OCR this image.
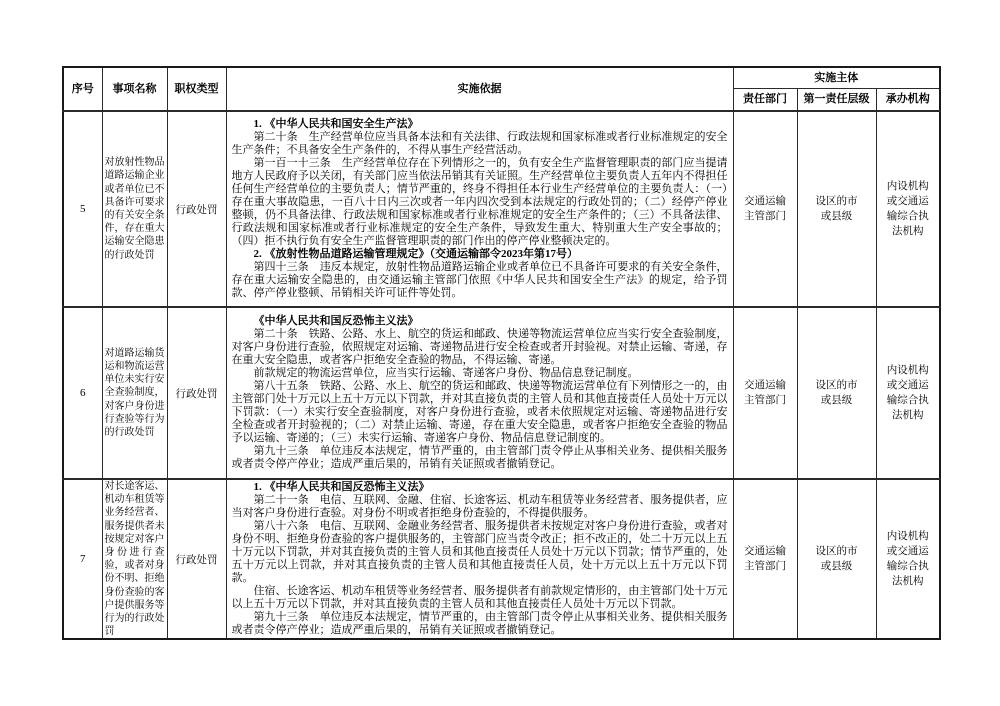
序号	事项名称	职权类型	实施依据	实施主体		
				责任部门	第一责任层级	承办机构
5	对放射性物品道路运输企业或者单位已不具备许可要求的有关安全条件，存在重大运输安全隐患的行政处罚	行政处罚	1. 《中华人民共和国安全生产法》

第二十条　生产经营单位应当具备本法和有关法律、行政法规和国家标准或者行业标准规定的安全生产条件；不具备安全生产条件的，不得从事生产经营活动。

第一百一十三条　生产经营单位存在下列情形之一的，负有安全生产监督管理职责的部门应当提请地方人民政府予以关闭，有关部门应当依法吊销其有关证照。生产经营单位主要负责人五年内不得担任任何生产经营单位的主要负责人；情节严重的，终身不得担任本行业生产经营单位的主要负责人：（一）存在重大事故隐患，一百八十日内三次或者一年内四次受到本法规定的行政处罚的；（二）经停产停业整顿，仍不具备法律、行政法规和国家标准或者行业标准规定的安全生产条件的；（三）不具备法律、行政法规和国家标准或者行业标准规定的安全生产条件，导致发生重大、特别重大生产安全事故的；（四）拒不执行负有安全生产监督管理职责的部门作出的停产停业整顿决定的。

2. 《放射性物品道路运输管理规定》（交通运输部令2023年第17号）

第四十三条　违反本规定，放射性物品道路运输企业或者单位已不具备许可要求的有关安全条件，存在重大运输安全隐患的，由交通运输主管部门依照《中华人民共和国安全生产法》的规定，给予罚款、停产停业整顿、吊销相关许可证件等处罚。	交通运输主管部门	设区的市或县级	内设机构或交通运输综合执法机构

6	对道路运输货运和物流运营单位未实行安全查验制度，对客户身份进行查验等行为的行政处罚	行政处罚	《中华人民共和国反恐怖主义法》

第二十条　铁路、公路、水上、航空的货运和邮政、快递等物流运营单位应当实行安全查验制度，对客户身份进行查验，依照规定对运输、寄递物品进行安全检查或者开封验视。对禁止运输、寄递，存在重大安全隐患，或者客户拒绝安全查验的物品，不得运输、寄递。

前款规定的物流运营单位，应当实行运输、寄递客户身份、物品信息登记制度。

第八十五条　铁路、公路、水上、航空的货运和邮政、快递等物流运营单位有下列情形之一的，由主管部门处十万元以上五十万元以下罚款，并对其直接负责的主管人员和其他直接责任人员处十万元以下罚款：（一）未实行安全查验制度，对客户身份进行查验，或者未依照规定对运输、寄递物品进行安全检查或者开封验视的；（二）对禁止运输、寄递，存在重大安全隐患，或者客户拒绝安全查验的物品予以运输、寄递的；（三）未实行运输、寄递客户身份、物品信息登记制度的。

第九十三条　单位违反本法规定，情节严重的，由主管部门责令停止从事相关业务、提供相关服务或者责令停产停业；造成严重后果的，吊销有关证照或者撤销登记。	交通运输主管部门	设区的市或县级	内设机构或交通运输综合执法机构

7	对长途客运、机动车租赁等业务经营者、服务提供者未按规定对客户身份进行查验，或者对身份不明、拒绝身份查验的客户提供服务等行为的行政处罚	行政处罚	1. 《中华人民共和国反恐怖主义法》

第二十一条　电信、互联网、金融、住宿、长途客运、机动车租赁等业务经营者、服务提供者，应当对客户身份进行查验。对身份不明或者拒绝身份查验的，不得提供服务。

第八十六条　电信、互联网、金融业务经营者、服务提供者未按规定对客户身份进行查验，或者对身份不明、拒绝身份查验的客户提供服务的，主管部门应当责令改正；拒不改正的，处二十万元以上五十万元以下罚款，并对其直接负责的主管人员和其他直接责任人员处十万元以下罚款；情节严重的，处五十万元以上罚款，并对其直接负责的主管人员和其他直接责任人员，处十万元以上五十万元以下罚款。

住宿、长途客运、机动车租赁等业务经营者、服务提供者有前款规定情形的，由主管部门处十万元以上五十万元以下罚款，并对其直接负责的主管人员和其他直接责任人员处十万元以下罚款。

第九十三条　单位违反本法规定，情节严重的，由主管部门责令停止从事相关业务、提供相关服务或者责令停产停业；造成严重后果的，吊销有关证照或者撤销登记。	交通运输主管部门	设区的市或县级	内设机构或交通运输综合执法机构
